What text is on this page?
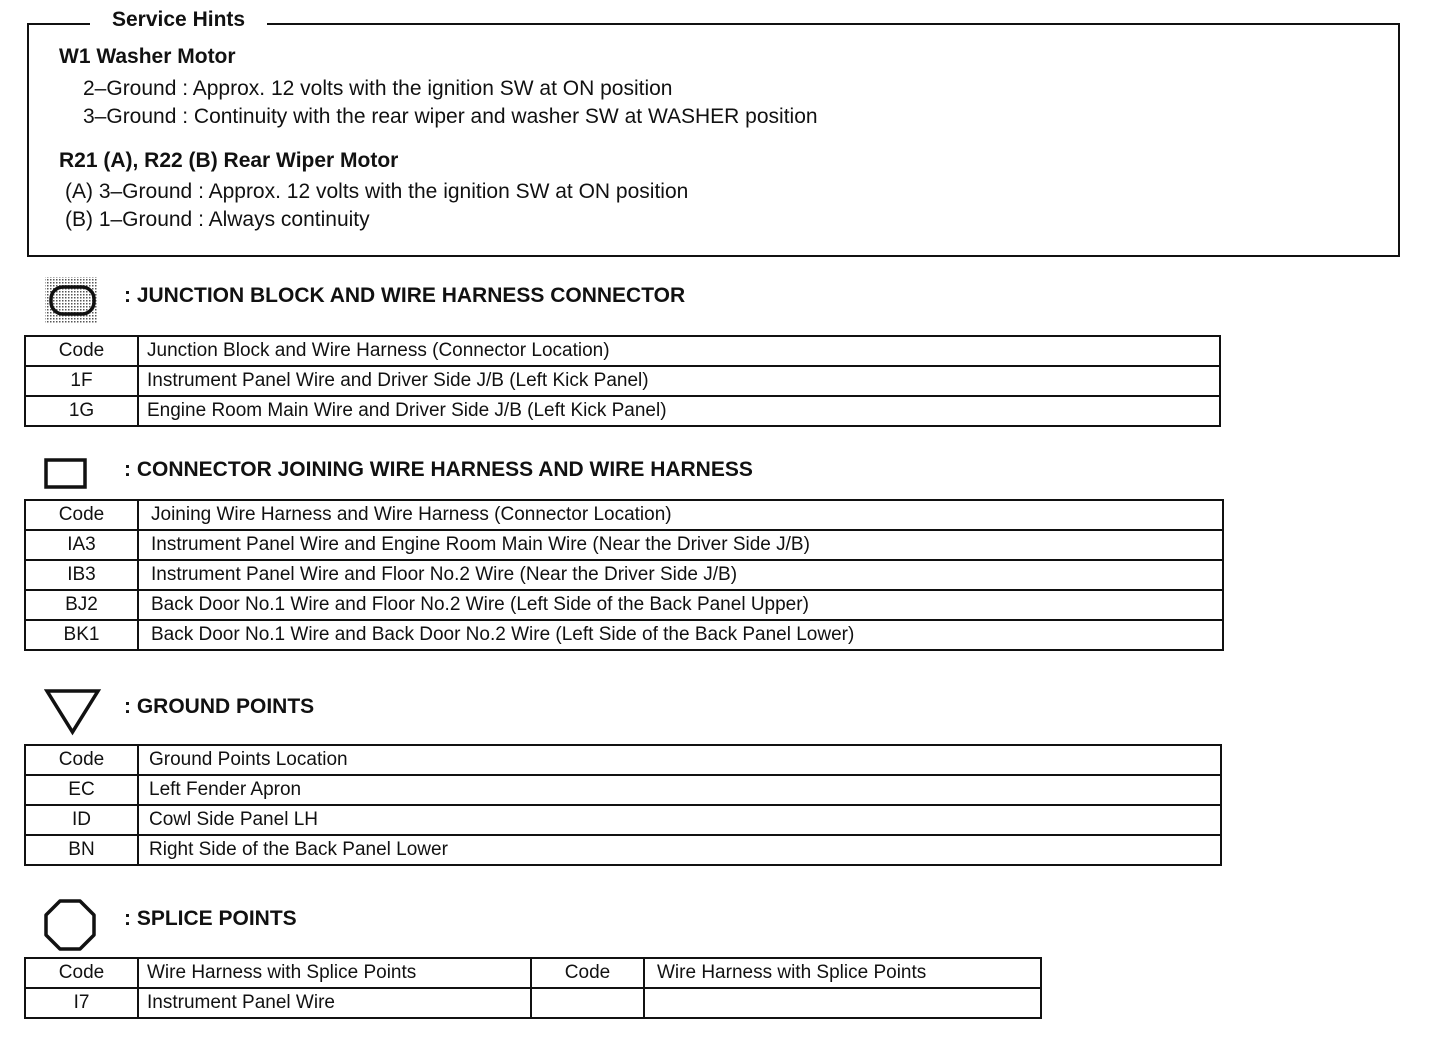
Service Hints
W1 Washer Motor
2–Ground : Approx. 12 volts with the ignition SW at ON position
3–Ground : Continuity with the rear wiper and washer SW at WASHER position
R21 (A), R22 (B) Rear Wiper Motor
(A) 3–Ground : Approx. 12 volts with the ignition SW at ON position
(B) 1–Ground : Always continuity
: JUNCTION BLOCK AND WIRE HARNESS CONNECTOR
Code	Junction Block and Wire Harness (Connector Location)
1F	Instrument Panel Wire and Driver Side J/B (Left Kick Panel)
1G	Engine Room Main Wire and Driver Side J/B (Left Kick Panel)
: CONNECTOR JOINING WIRE HARNESS AND WIRE HARNESS
Code	Joining Wire Harness and Wire Harness (Connector Location)
IA3	Instrument Panel Wire and Engine Room Main Wire (Near the Driver Side J/B)
IB3	Instrument Panel Wire and Floor No.2 Wire (Near the Driver Side J/B)
BJ2	Back Door No.1 Wire and Floor No.2 Wire (Left Side of the Back Panel Upper)
BK1	Back Door No.1 Wire and Back Door No.2 Wire (Left Side of the Back Panel Lower)
: GROUND POINTS
Code	Ground Points Location
EC	Left Fender Apron
ID	Cowl Side Panel LH
BN	Right Side of the Back Panel Lower
: SPLICE POINTS
Code	Wire Harness with Splice Points	Code	Wire Harness with Splice Points
I7	Instrument Panel Wire		
